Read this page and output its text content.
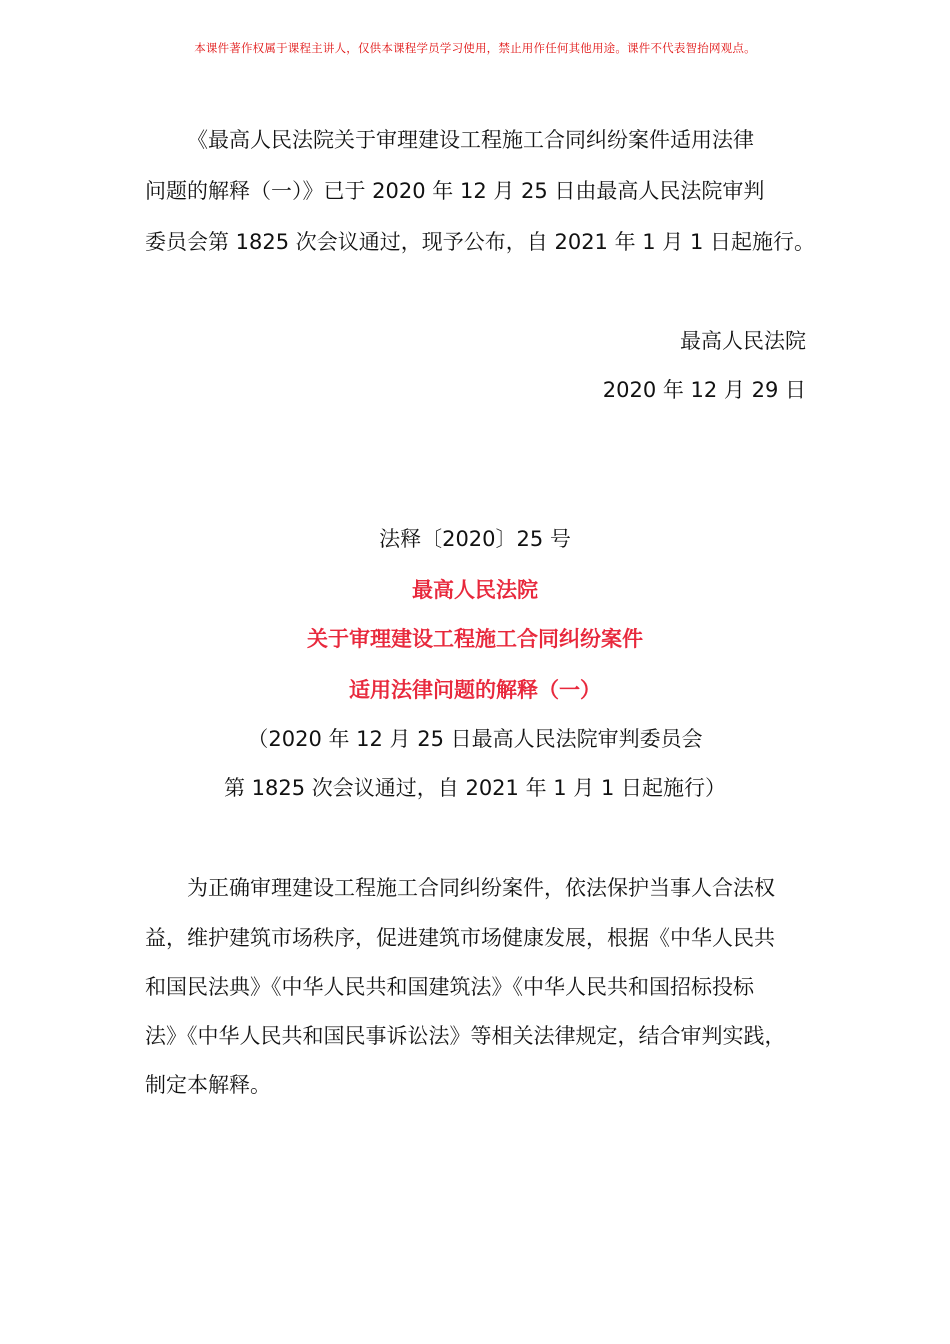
本课件著作权属于课程主讲人，仅供本课程学员学习使用，禁止用作任何其他用途。课件不代表智抬网观点。
《最高人民法院关于审理建设工程施工合同纠纷案件适用法律
问题的解释（一）》已于 2020 年 12 月 25 日由最高人民法院审判
委员会第 1825 次会议通过，现予公布，自 2021 年 1 月 1 日起施行。
最高人民法院
2020 年 12 月 29 日
法释〔2020〕25 号
最高人民法院
关于审理建设工程施工合同纠纷案件
适用法律问题的解释（一）
（2020 年 12 月 25 日最高人民法院审判委员会
第 1825 次会议通过，自 2021 年 1 月 1 日起施行）
为正确审理建设工程施工合同纠纷案件，依法保护当事人合法权
益，维护建筑市场秩序，促进建筑市场健康发展，根据《中华人民共
和国民法典》《中华人民共和国建筑法》《中华人民共和国招标投标
法》《中华人民共和国民事诉讼法》等相关法律规定，结合审判实践，
制定本解释。
